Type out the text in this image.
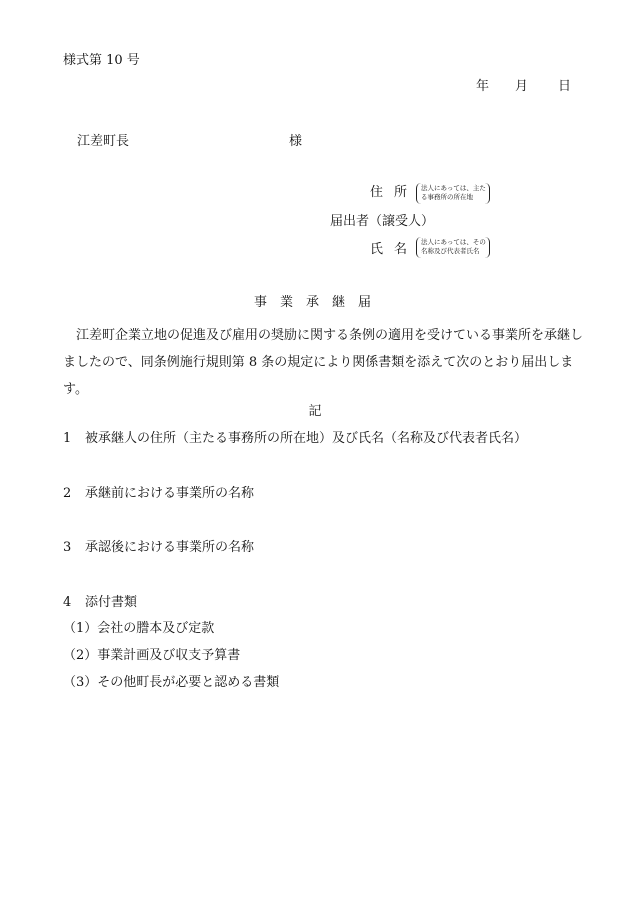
様式第 10 号
年 月 日
江差町長	様
住所 法人にあっては、主た
る事務所の所在地
届出者（譲受人）
氏名 法人にあっては、その
名称及び代表者氏名
事業承継届
江差町企業立地の促進及び雇用の奨励に関する条例の適用を受けている事業所を承継しましたので、同条例施行規則第 8 条の規定により関係書類を添えて次のとおり届出します。
記
1 被承継人の住所（主たる事務所の所在地）及び氏名（名称及び代表者氏名）
2 承継前における事業所の名称
3 承認後における事業所の名称
4 添付書類
（1）会社の謄本及び定款
（2）事業計画及び収支予算書
（3）その他町長が必要と認める書類
